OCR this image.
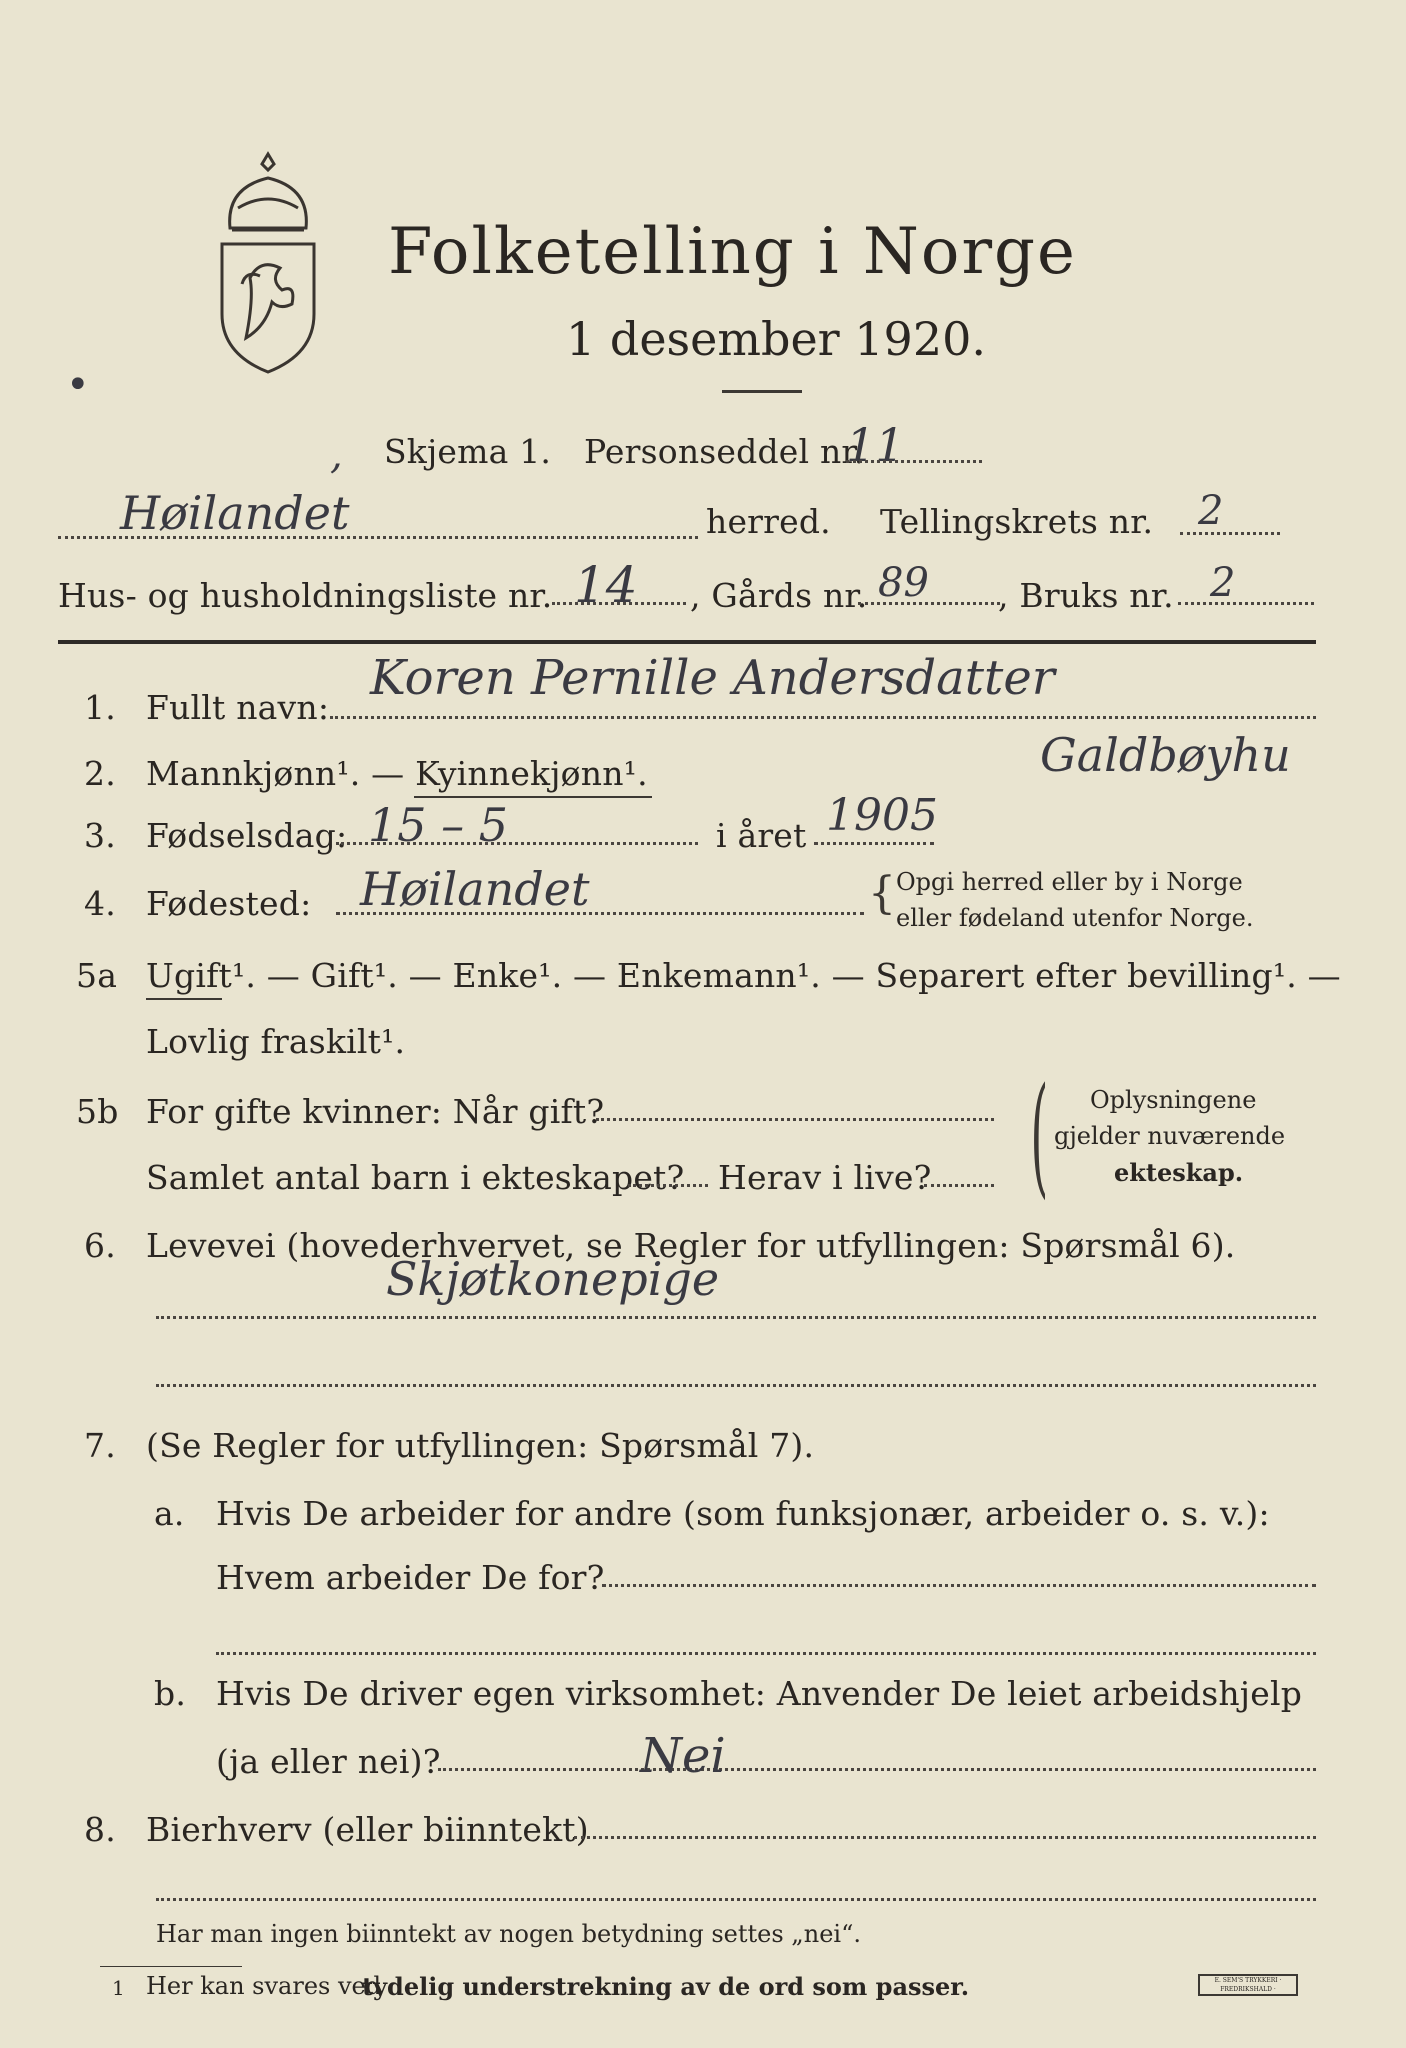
Folketelling i Norge
1 desember 1920.
•
, Skjema 1. Personseddel nr.
11
Høilandet	herred. Tellingskrets nr. 2
Hus- og husholdningsliste nr. 14 , Gårds nr. 89 , Bruks nr. 2
1. Fullt navn:
Koren Pernille Andersdatter
2. Mannkjønn¹. — Kyinnekjønn¹.	Galdbøyhu
3. Fødselsdag: 15 – 5	i året 1905
4. Fødested: Høilandet	{ Opgi herred eller by i Norge
eller fødeland utenfor Norge.
5a Ugift¹. — Gift¹. — Enke¹. — Enkemann¹. — Separert efter bevilling¹. —
Lovlig fraskilt¹.
5b For gifte kvinner: Når gift?
Samlet antal barn i ekteskapet? Herav i live? ( Oplysningene
gjelder nuværende
ekteskap.
6. Levevei (hovederhvervet, se Regler for utfyllingen: Spørsmål 6).
Skjøtkonepige
7. (Se Regler for utfyllingen: Spørsmål 7).
a. Hvis De arbeider for andre (som funksjonær, arbeider o. s. v.):
Hvem arbeider De for?
b. Hvis De driver egen virksomhet: Anvender De leiet arbeidshjelp
(ja eller nei)?	Nei
8. Bierhverv (eller biinntekt)
Har man ingen biinntekt av nogen betydning settes „nei“.
1 Her kan svares ved
tydelig understrekning av de ord som passer.	E. SEM'S TRYKKERI · FREDRIKSHALD ·
